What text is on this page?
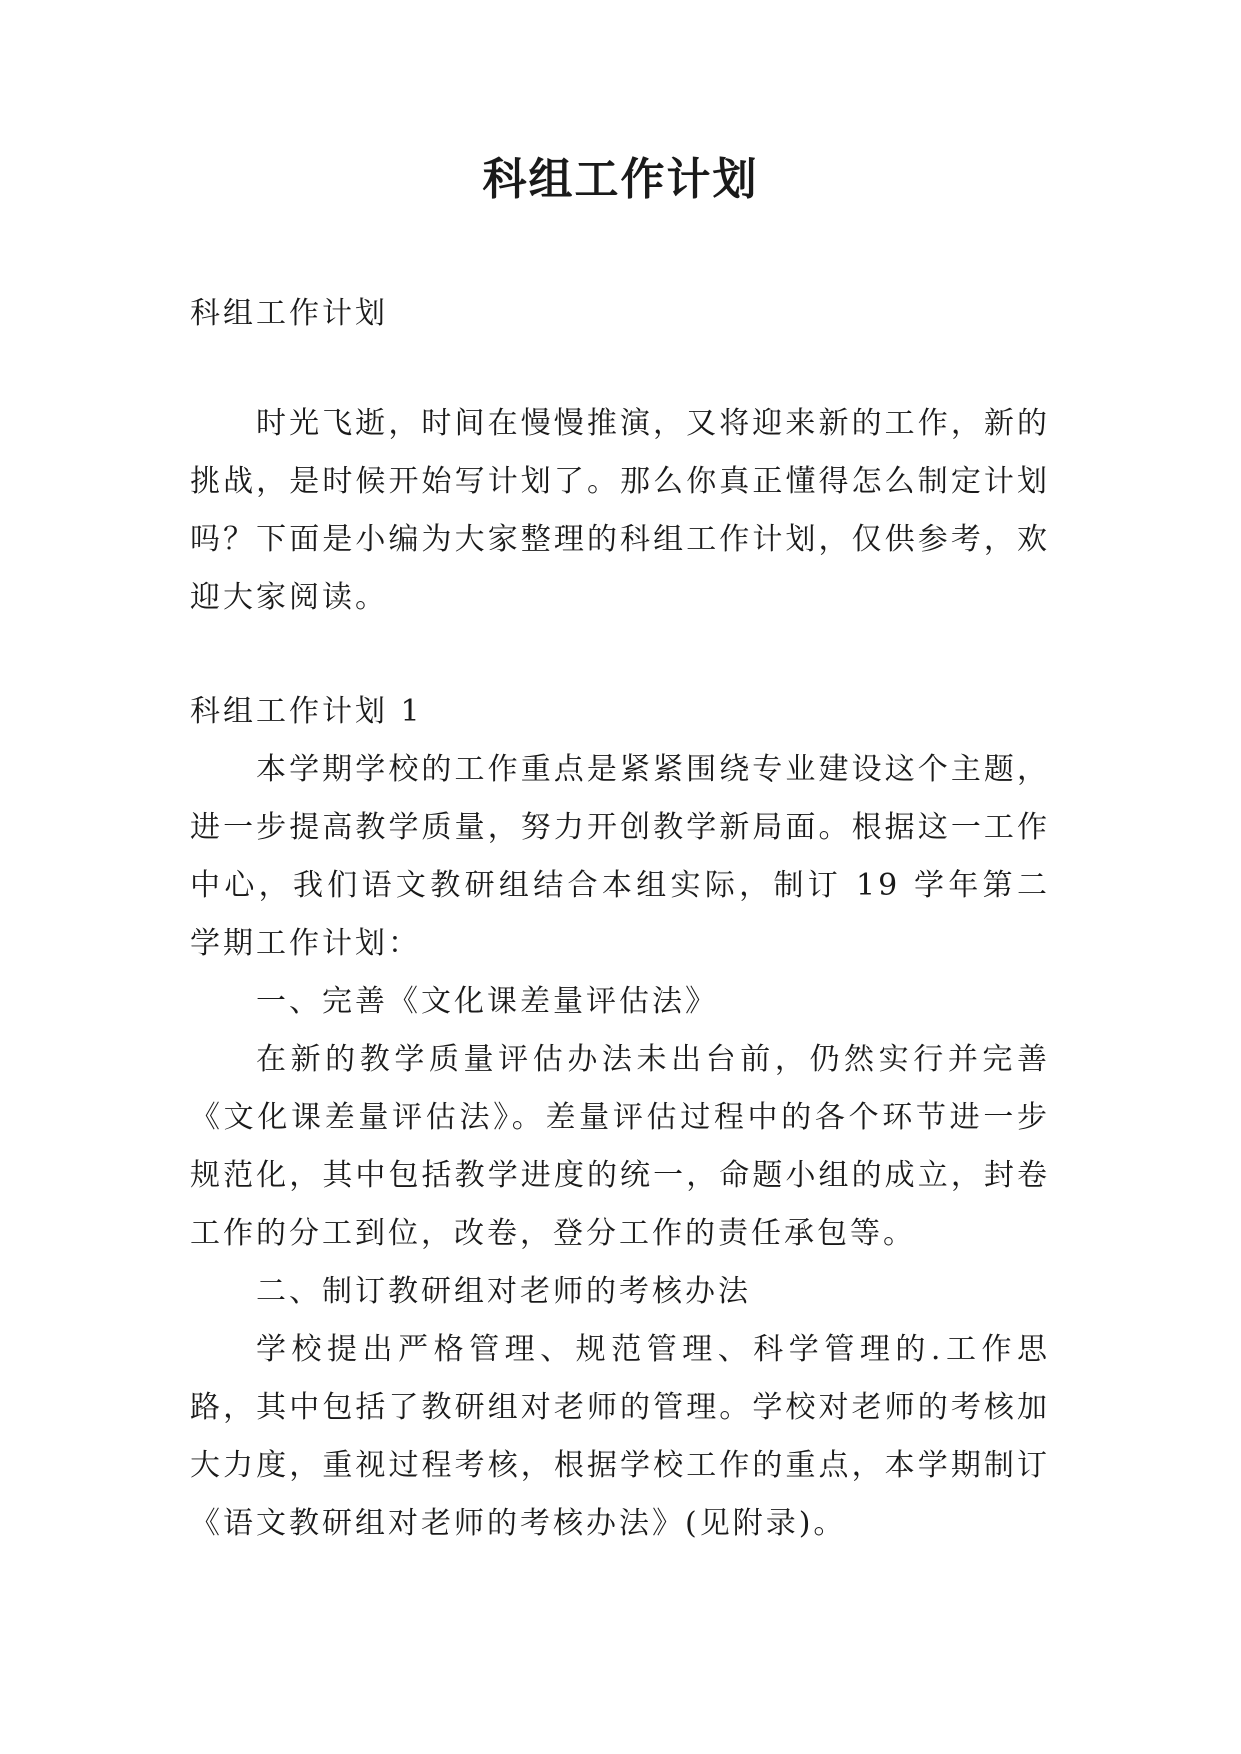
科组工作计划

科组工作计划

时光飞逝，时间在慢慢推演，又将迎来新的工作，新的挑战，是时候开始写计划了。那么你真正懂得怎么制定计划吗？下面是小编为大家整理的科组工作计划，仅供参考，欢迎大家阅读。

科组工作计划 1

本学期学校的工作重点是紧紧围绕专业建设这个主题，进一步提高教学质量，努力开创教学新局面。根据这一工作中心，我们语文教研组结合本组实际，制订 19 学年第二学期工作计划：

一、完善《文化课差量评估法》

在新的教学质量评估办法未出台前，仍然实行并完善《文化课差量评估法》。差量评估过程中的各个环节进一步规范化，其中包括教学进度的统一，命题小组的成立，封卷工作的分工到位，改卷，登分工作的责任承包等。

二、制订教研组对老师的考核办法

学校提出严格管理、规范管理、科学管理的.工作思路，其中包括了教研组对老师的管理。学校对老师的考核加大力度，重视过程考核，根据学校工作的重点，本学期制订《语文教研组对老师的考核办法》(见附录)。
